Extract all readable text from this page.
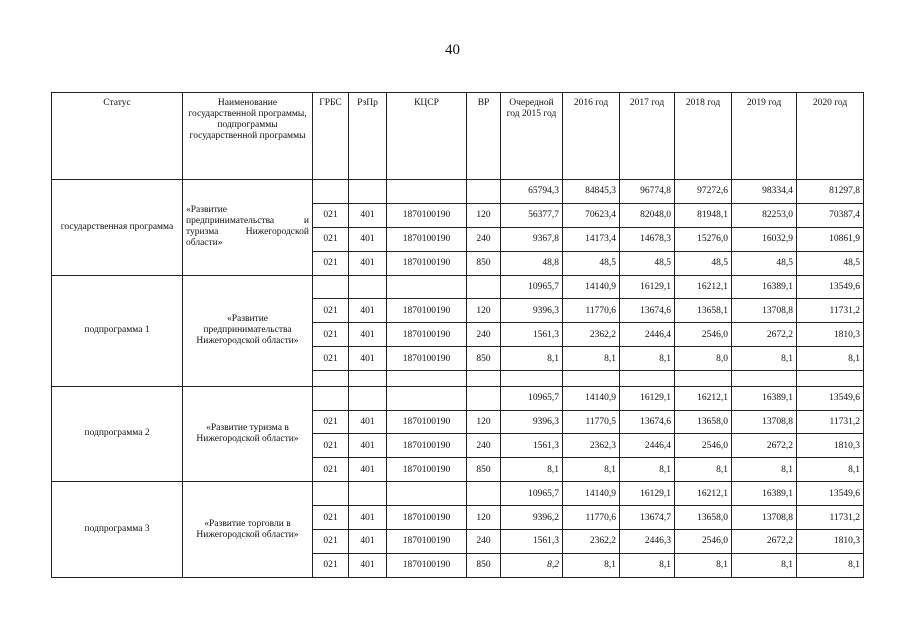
40
Статус	Наименование государственной программы, подпрограммы государственной программы	ГРБС	РзПр	КЦСР	ВР	Очередной год 2015 год	2016 год	2017 год	2018 год	2019 год	2020 год
государственная программа	«Развитие предпринимательства и туризма Нижегородской области»					65794,3	84845,3	96774,8	97272,6	98334,4	81297,8
		021	401	1870100190	120	56377,7	70623,4	82048,0	81948,1	82253,0	70387,4
		021	401	1870100190	240	9367,8	14173,4	14678,3	15276,0	16032,9	10861,9
		021	401	1870100190	850	48,8	48,5	48,5	48,5	48,5	48,5
подпрограмма 1	«Развитие предпринимательства Нижегородской области»					10965,7	14140,9	16129,1	16212,1	16389,1	13549,6
		021	401	1870100190	120	9396,3	11770,6	13674,6	13658,1	13708,8	11731,2
		021	401	1870100190	240	1561,3	2362,2	2446,4	2546,0	2672,2	1810,3
		021	401	1870100190	850	8,1	8,1	8,1	8,0	8,1	8,1

подпрограмма 2	«Развитие туризма в Нижегородской области»					10965,7	14140,9	16129,1	16212,1	16389,1	13549,6
		021	401	1870100190	120	9396,3	11770,5	13674,6	13658,0	13708,8	11731,2
		021	401	1870100190	240	1561,3	2362,3	2446,4	2546,0	2672,2	1810,3
		021	401	1870100190	850	8,1	8,1	8,1	8,1	8,1	8,1
подпрограмма 3	«Развитие торговли в Нижегородской области»					10965,7	14140,9	16129,1	16212,1	16389,1	13549,6
		021	401	1870100190	120	9396,2	11770,6	13674,7	13658,0	13708,8	11731,2
		021	401	1870100190	240	1561,3	2362,2	2446,3	2546,0	2672,2	1810,3
		021	401	1870100190	850	8,2	8,1	8,1	8,1	8,1	8,1
